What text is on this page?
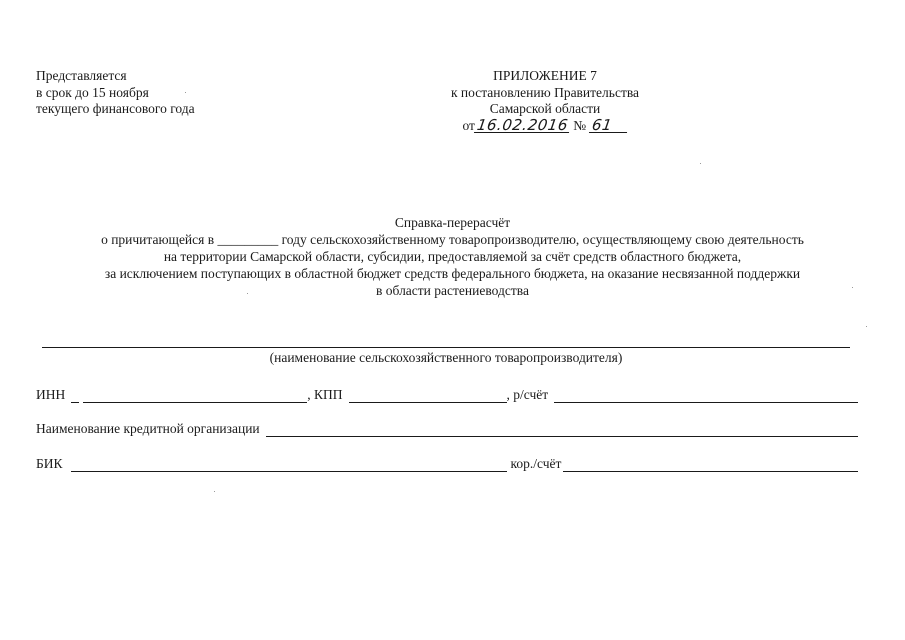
Представляется
в срок до 15 ноября
текущего финансового года
ПРИЛОЖЕНИЕ 7
к постановлению Правительства
Самарской области
от16.02.2016 № 61
Справка-перерасчёт
о причитающейся в _________ году сельскохозяйственному товаропроизводителю, осуществляющему свою деятельность
на территории Самарской области, субсидии, предоставляемой за счёт средств областного бюджета,
за исключением поступающих в областной бюджет средств федерального бюджета, на оказание несвязанной поддержки
в области растениеводства
(наименование сельскохозяйственного товаропроизводителя)
ИНН	, КПП	, р/счёт
Наименование кредитной организации
БИК	кор./счёт
